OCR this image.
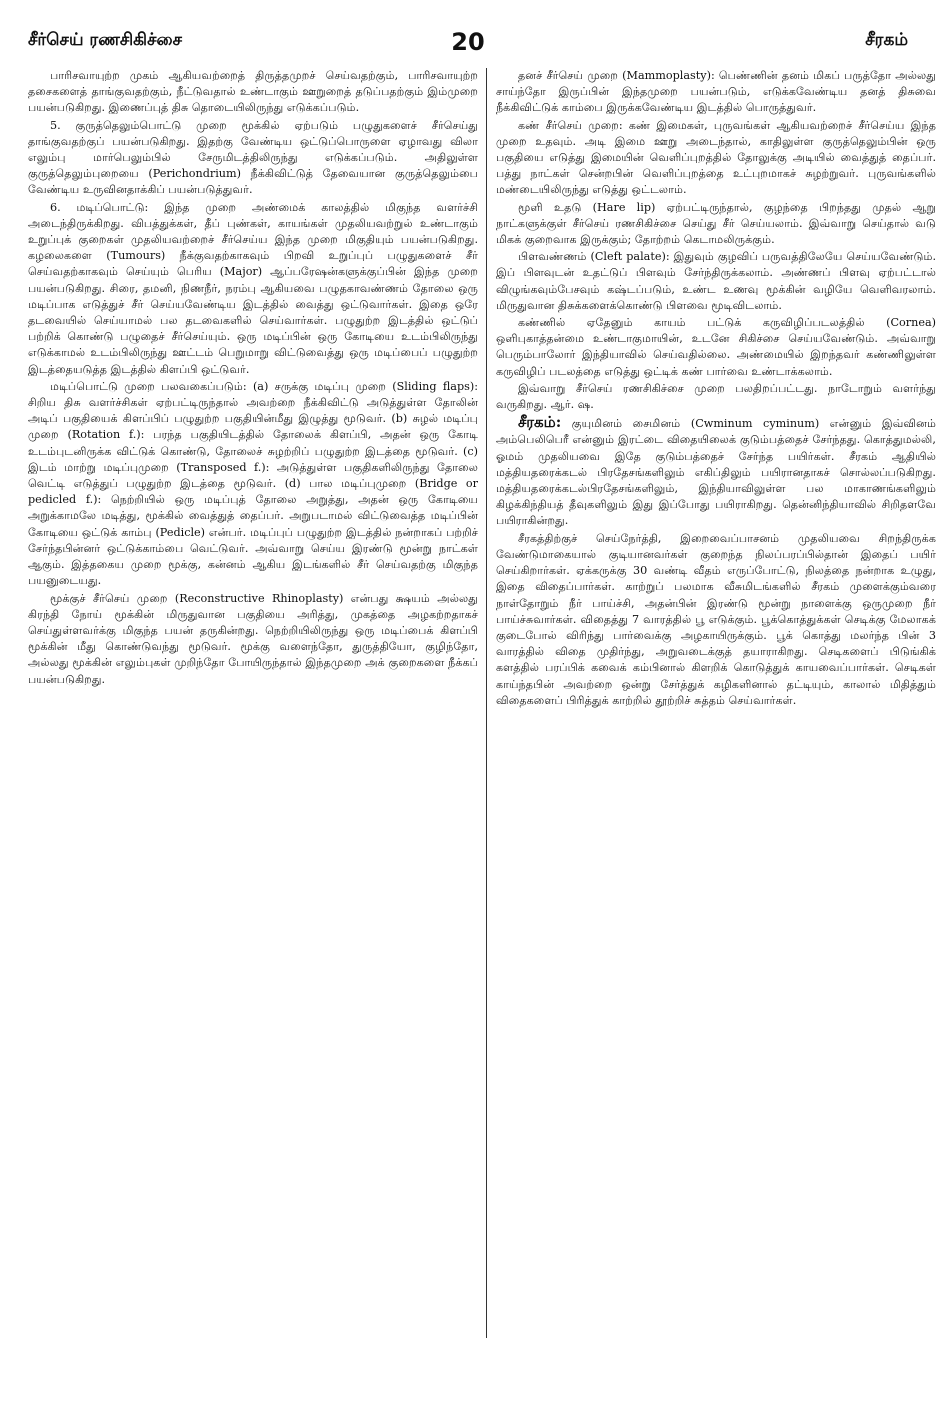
சீர்செய் ரணசிகிச்சை	20	சீரகம்

பாரிசவாயுற்ற முகம் ஆகியவற்றைத் திருத்தமுறச் செய்வதற்கும், பாரிசவாயுற்ற தசைகளைத் தாங்குவதற்கும், நீட்டுவதால் உண்டாகும் ஊறுறைத் தடுப்பதற்கும் இம்முறை பயன்படுகிறது. இணைப்புத் திசு தொடையிலிருந்து எடுக்கப்படும்.

5. குருத்தெலும்பொட்டு முறை மூக்கில் ஏற்படும் பழுதுகளைச் சீர்செய்து தாங்குவதற்குப் பயன்படுகிறது. இதற்கு வேண்டிய ஒட்டுப்பொருளை ஏழாவது விலா எலும்பு மார்பெலும்பில் சேருமிடத்திலிருந்து எடுக்கப்படும். அதிலுள்ள குருத்தெலும்புறையை (Perichondrium) நீக்கிவிட்டுத் தேவையான குருத்தெலும்பை வேண்டிய உருவினதாக்கிப் பயன்படுத்துவர்.

6. மடிப்பொட்டு: இந்த முறை அண்மைக் காலத்தில் மிகுந்த வளர்ச்சி அடைந்திருக்கிறது. விபத்துக்கள், தீப் புண்கள், காயங்கள் முதலியவற்றுல் உண்டாகும் உறுப்புக் குறைகள் முதலியவற்றைச் சீர்செய்ய இந்த முறை மிகுதியும் பயன்படுகிறது. கழலைகளை (Tumours) நீக்குவதற்காகவும் பிறவி உறுப்புப் பழுதுகளைச் சீர் செய்வதற்காகவும் செய்யும் பெரிய (Major) ஆப்பரேஷன்களுக்குப்பின் இந்த முறை பயன்படுகிறது. சிரை, தமனி, நிணநீர், நரம்பு ஆகியவை பழுதகாவண்ணம் தோலை ஒரு மடிப்பாக எடுத்துச் சீர் செய்யவேண்டிய இடத்தில் வைத்து ஒட்டுவார்கள். இதை ஒரே தடவையில் செய்யாமல் பல தடவைகளில் செய்வார்கள். பழுதுற்ற இடத்தில் ஒட்டுப் பற்றிக் கொண்டு பழுதைச் சீர்செய்யும். ஒரு மடிப்பின் ஒரு கோடியை உடம்பிலிருந்து எடுக்காமல் உடம்பிலிருந்து ஊட்டம் பெறுமாறு விட்டுவைத்து ஒரு மடிப்பைப் பழுதுற்ற இடத்தையடுத்த இடத்தில் கிளப்பி ஒட்டுவர்.

மடிப்பொட்டு முறை பலவகைப்படும்: (a) சருக்கு மடிப்பு முறை (Sliding flaps): சிறிய திசு வளர்ச்சிகள் ஏற்பட்டிருந்தால் அவற்றை நீக்கிவிட்டு அடுத்துள்ள தோலின் அடிப் பகுதியைக் கிளப்பிப் பழுதுற்ற பகுதியின்மீது இழுத்து மூடுவர். (b) சுழல் மடிப்பு முறை (Rotation f.): பரந்த பகுதியிடத்தில் தோலைக் கிளப்பி, அதன் ஒரு கோடி உடம்புடனிருக்க விட்டுக் கொண்டு, தோலைச் சுழற்றிப் பழுதுற்ற இடத்தை மூடுவர். (c) இடம் மாற்று மடிப்புமுறை (Transposed f.): அடுத்துள்ள பகுதிகளிலிருந்து தோலை வெட்டி எடுத்துப் பழுதுற்ற இடத்தை மூடுவர். (d) பால மடிப்புமுறை (Bridge or pedicled f.): நெற்றியில் ஒரு மடிப்புத் தோலை அறுத்து, அதன் ஒரு கோடியை அறுக்காமலே மடித்து, மூக்கில் வைத்துத் தைப்பர். அறுபடாமல் விட்டுவைத்த மடிப்பின் கோடியை ஒட்டுக் காம்பு (Pedicle) என்பர். மடிப்புப் பழுதுற்ற இடத்தில் நன்றாகப் பற்றிச் சேர்ந்தபின்னர் ஒட்டுக்காம்பை வெட்டுவர். அவ்வாறு செய்ய இரண்டு மூன்று நாட்கள் ஆகும். இத்தகைய முறை மூக்கு, கன்னம் ஆகிய இடங்களில் சீர் செய்வதற்கு மிகுந்த பயனுடையது.

மூக்குச் சீர்செய் முறை (Reconstructive Rhinoplasty) என்பது க்ஷயம் அல்லது கிரந்தி நோய் மூக்கின் மிருதுவான பகுதியை அரித்து, முகத்தை அழகற்றதாகச் செய்துள்ளவர்க்கு மிகுந்த பயன் தருகின்றது. நெற்றியிலிருந்து ஒரு மடிப்பைக் கிளப்பி மூக்கின் மீது கொண்டுவந்து மூடுவர். மூக்கு வளைந்தோ, துருத்தியோ, குழிந்தோ, அல்லது மூக்கின் எலும்புகள் முறிந்தோ போயிருந்தால் இந்தமுறை அக் குறைகளை நீக்கப் பயன்படுகிறது.

தனச் சீர்செய் முறை (Mammoplasty): பெண்ணின் தனம் மிகப் பருத்தோ அல்லது சாய்ந்தோ இருப்பின் இந்தமுறை பயன்படும், எடுக்கவேண்டிய தனத் திசுவை நீக்கிவிட்டுக் காம்பை இருக்கவேண்டிய இடத்தில் பொருத்துவர்.

கண் சீர்செய் முறை: கண் இமைகள், புருவங்கள் ஆகியவற்றைச் சீர்செய்ய இந்த முறை உதவும். அடி இமை ஊறு அடைந்தால், காதிலுள்ள குருத்தெலும்பின் ஒரு பகுதியை எடுத்து இமையின் வெளிப்புறத்தில் தோலுக்கு அடியில் வைத்துத் தைப்பர். பத்து நாட்கள் சென்றபின் வெளிப்புறத்தை உட்புறமாகச் சுழற்றுவர். புருவங்களில் மண்டையிலிருந்து எடுத்து ஒட்டலாம்.

மூளி உதடு (Hare lip) ஏற்பட்டிருந்தால், குழந்தை பிறந்தது முதல் ஆறு நாட்களுக்குள் சீர்செய் ரணசிகிச்சை செய்து சீர் செய்யலாம். இவ்வாறு செய்தால் வடு மிகக் குறைவாக இருக்கும்; தோற்றம் கெடாமலிருக்கும்.

பிளவண்ணம் (Cleft palate): இதுவும் குழவிப் பருவத்திலேயே செய்யவேண்டும். இப் பிளவுடன் உதட்டுப் பிளவும் சேர்ந்திருக்கலாம். அண்ணப் பிளவு ஏற்பட்டால் விழுங்கவும்பேசவும் கஷ்டப்படும், உண்ட உணவு மூக்கின் வழியே வெளிவரலாம். மிருதுவான திசுக்களைக்கொண்டு பிளவை மூடிவிடலாம்.

கண்ணில் ஏதேனும் காயம் பட்டுக் கருவிழிப்படலத்தில் (Cornea) ஒளிபுகாத்தன்மை உண்டாகுமாயின், உடனே சிகிச்சை செய்யவேண்டும். அவ்வாறு பெரும்பாலோர் இந்தியாவில் செய்வதில்லை. அண்மையில் இறந்தவர் கண்ணிலுள்ள கருவிழிப் படலத்தை எடுத்து ஒட்டிக் கண் பார்வை உண்டாக்கலாம்.

இவ்வாறு சீர்செய் ரணசிகிச்சை முறை பலதிறப்பட்டது. நாடோறும் வளர்ந்து வருகிறது. ஆர். ஷ.

சீரகம்: குயுமினம் சைமினம் (Cwminum cyminum) என்னும் இவ்வினம் அம்பெலிபெரீ என்னும் இரட்டை விதையிலைக் குடும்பத்தைச் சேர்ந்தது. கொத்துமல்லி, ஓமம் முதலியவை இதே குடும்பத்தைச் சேர்ந்த பயிர்கள். சீரகம் ஆதியில் மத்தியதரைக்கடல் பிரதேசங்களிலும் எகிப்திலும் பயிரானதாகச் சொல்லப்படுகிறது. மத்தியதரைக்கடல்பிரதேசங்களிலும், இந்தியாவிலுள்ள பல மாகாணங்களிலும் கிழக்கிந்தியத் தீவுகளிலும் இது இப்போது பயிராகிறது. தென்னிந்தியாவில் சிறிதளவே பயிராகின்றது.

சீரகத்திற்குச் செய்நேர்த்தி, இறைவைப்பாசனம் முதலியவை சிறந்திருக்க வேண்டுமாகையால் குடியானவர்கள் குறைந்த நிலப்பரப்பில்தான் இதைப் பயிர் செய்கிறார்கள். ஏக்கருக்கு 30 வண்டி வீதம் எருப்போட்டு, நிலத்தை நன்றாக உழுது, இதை விதைப்பார்கள். காற்றுப் பலமாக வீசுமிடங்களில் சீரகம் முளைக்கும்வரை நாள்தோறும் நீர் பாய்ச்சி, அதன்பின் இரண்டு மூன்று நாளைக்கு ஒருமுறை நீர் பாய்ச்சுவார்கள். விதைத்து 7 வாரத்தில் பூ எடுக்கும். பூக்கொத்துக்கள் செடிக்கு மேலாகக் குடைபோல் விரிந்து பார்வைக்கு அழகாயிருக்கும். பூக் கொத்து மலர்ந்த பின் 3 வாரத்தில் விதை முதிர்ந்து, அறுவடைக்குத் தயாராகிறது. செடிகளைப் பிடுங்கிக் களத்தில் பரப்பிக் கவைக் கம்பினால் கிளறிக் கொடுத்துக் காயவைப்பார்கள். செடிகள் காய்ந்தபின் அவற்றை ஒன்று சேர்த்துக் கழிகளினால் தட்டியும், காலால் மிதித்தும் விதைகளைப் பிரித்துக் காற்றில் தூற்றிச் சுத்தம் செய்வார்கள்.
